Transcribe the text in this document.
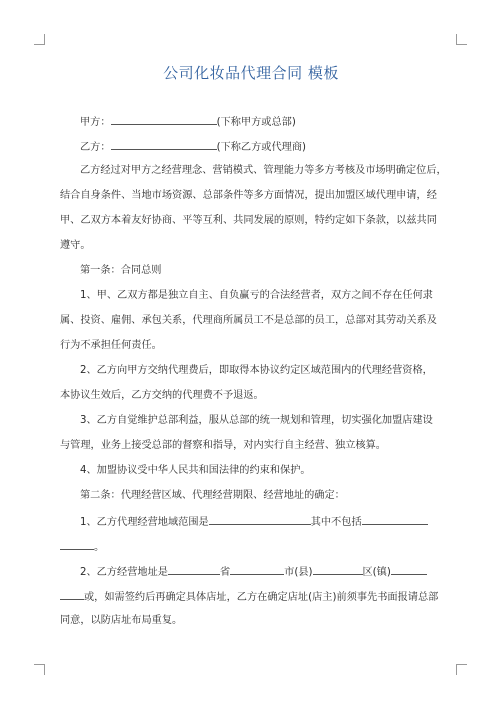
公司化妆品代理合同 模板
甲方：	(下称甲方或总部)
乙方：	(下称乙方或代理商)
乙方经过对甲方之经营理念、营销模式、管理能力等多方考核及市场明确定位后，
结合自身条件、当地市场资源、总部条件等多方面情况，提出加盟区域代理申请，经
甲、乙双方本着友好协商、平等互利、共同发展的原则，特约定如下条款，以兹共同
遵守。
第一条：合同总则
1、甲、乙双方都是独立自主、自负赢亏的合法经营者，双方之间不存在任何隶
属、投资、雇佣、承包关系，代理商所属员工不是总部的员工，总部对其劳动关系及
行为不承担任何责任。
2、乙方向甲方交纳代理费后，即取得本协议约定区域范围内的代理经营资格，
本协议生效后，乙方交纳的代理费不予退返。
3、乙方自觉维护总部利益，服从总部的统一规划和管理，切实强化加盟店建设
与管理，业务上接受总部的督察和指导，对内实行自主经营、独立核算。
4、加盟协议受中华人民共和国法律的约束和保护。
第二条：代理经营区域、代理经营期限、经营地址的确定：
1、乙方代理经营地域范围是	其中不包括
。
2、乙方经营地址是	省	市(县)	区(镇)
或，如需签约后再确定具体店址，乙方在确定店址(店主)前须事先书面报请总部
同意，以防店址布局重复。
